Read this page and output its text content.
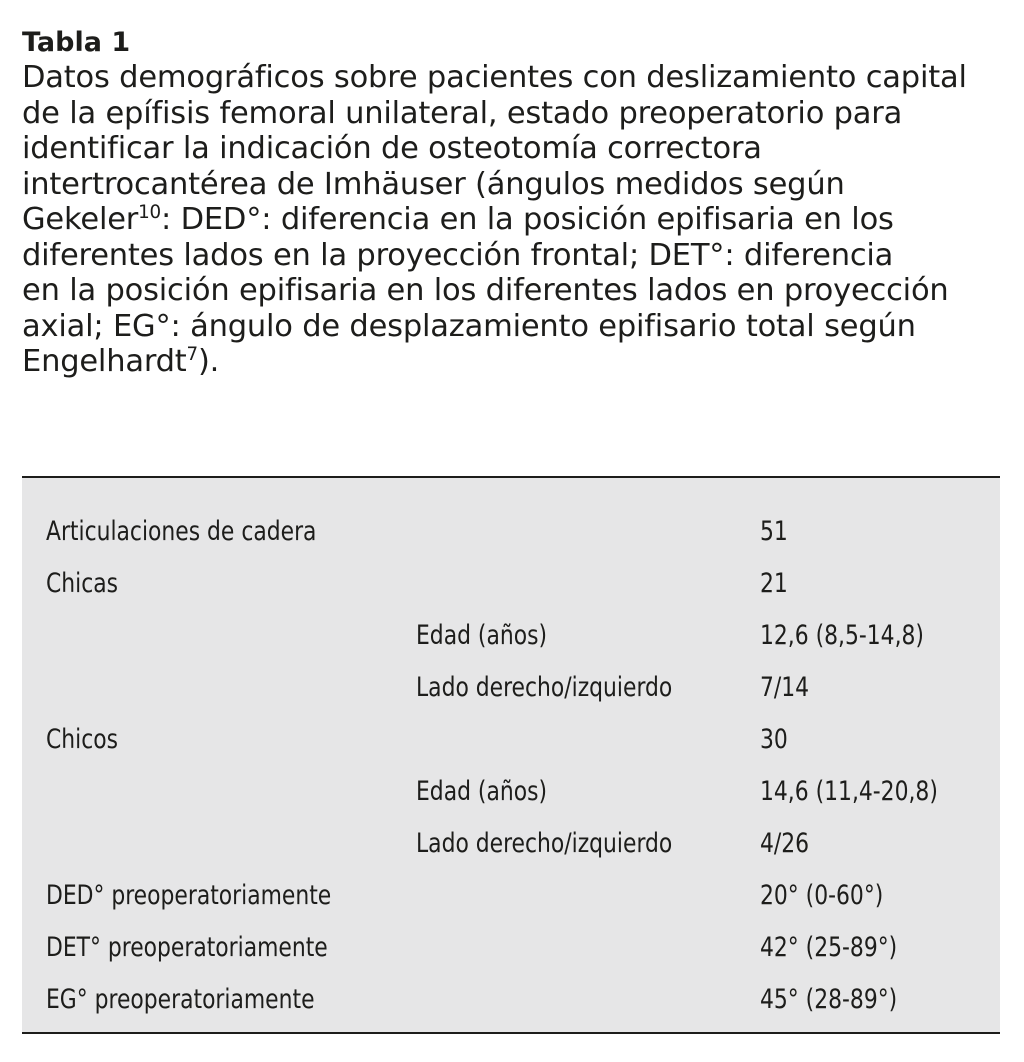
Tabla 1

Datos demográficos sobre pacientes con deslizamiento capital
de la epífisis femoral unilateral, estado preoperatorio para
identificar la indicación de osteotomía correctora
intertrocantérea de Imhäuser (ángulos medidos según
Gekeler$^{10}$: DED°: diferencia en la posición epifisaria en los
diferentes lados en la proyección frontal; DET°: diferencia
en la posición epifisaria en los diferentes lados en proyección
axial; EG°: ángulo de desplazamiento epifisario total según
Engelhardt$^7$).

Articulaciones de cadera	51
Chicas	21
Edad (años)	12,6 (8,5-14,8)
Lado derecho/izquierdo	7/14
Chicos	30
Edad (años)	14,6 (11,4-20,8)
Lado derecho/izquierdo	4/26
DED° preoperatoriamente	20° (0-60°)
DET° preoperatoriamente	42° (25-89°)
EG° preoperatoriamente	45° (28-89°)
